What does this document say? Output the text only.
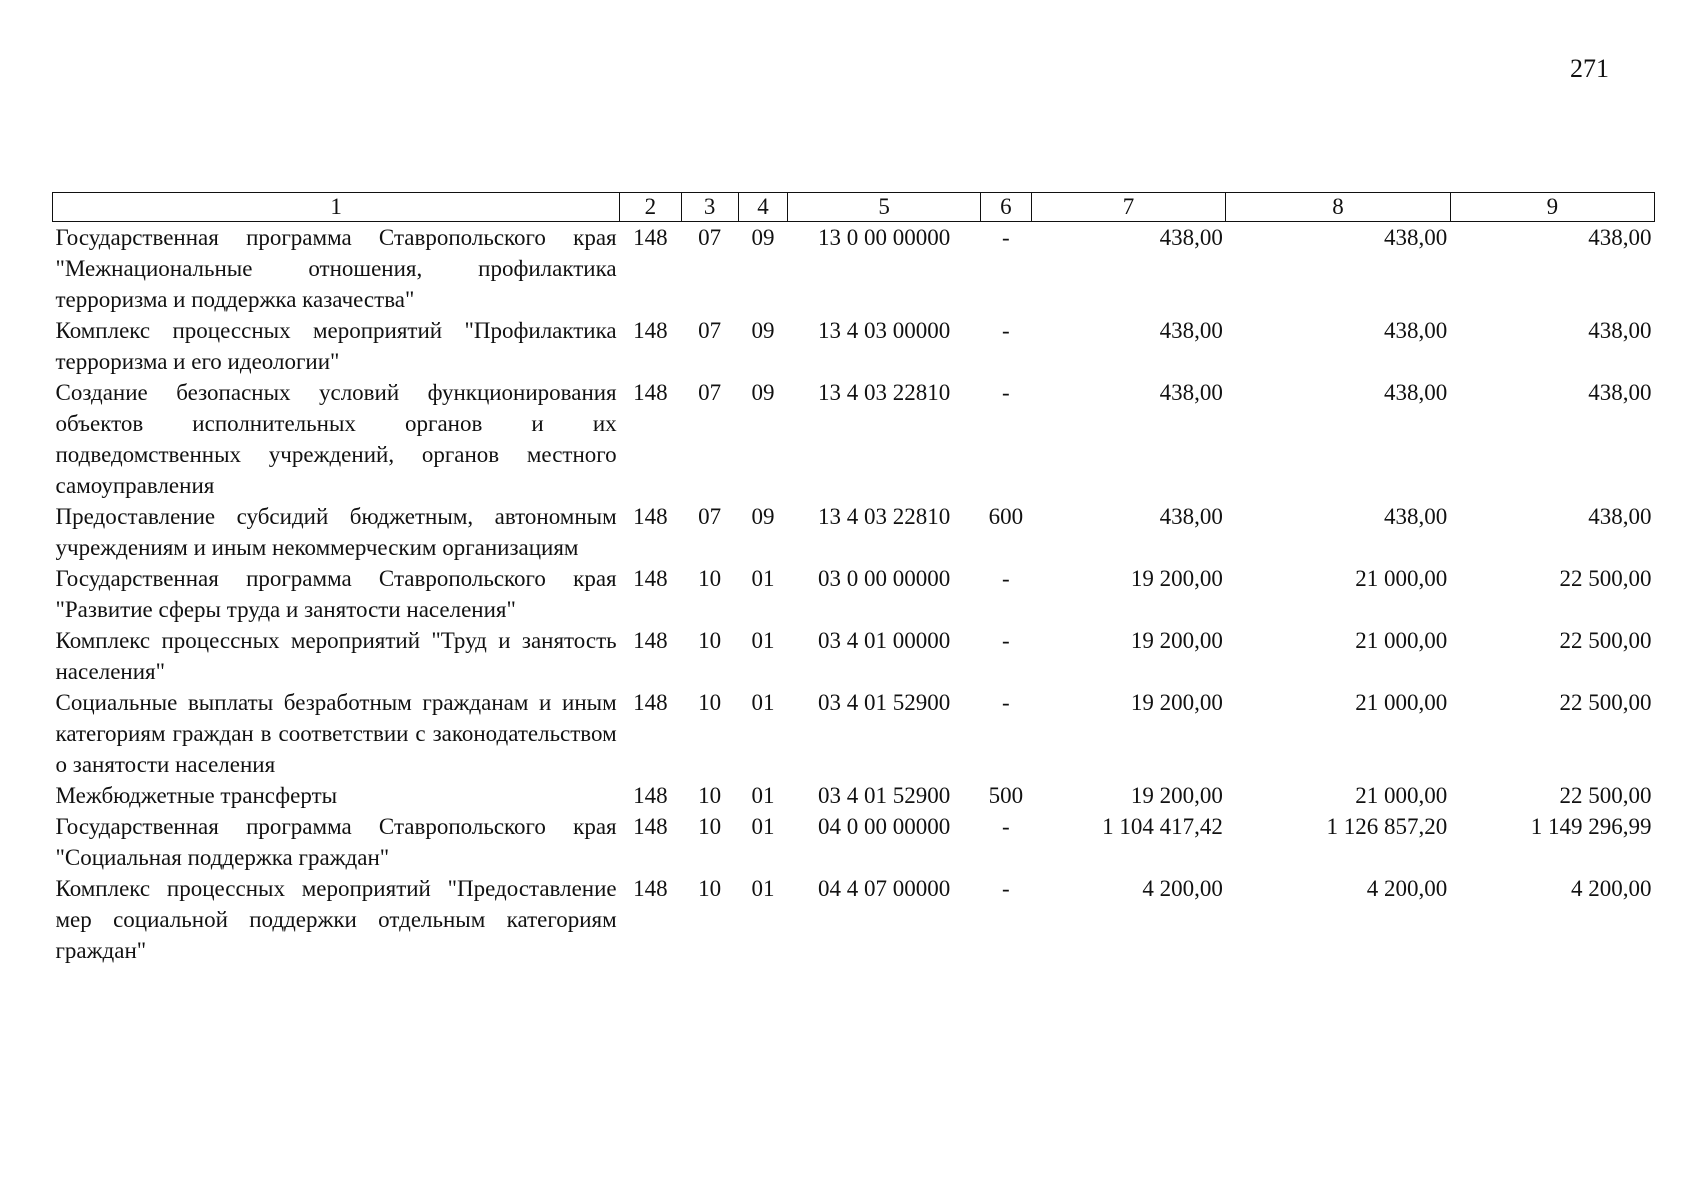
271
1	2	3	4	5	6	7	8	9
Государственная программа Ставропольского края "Межнациональные отношения, профилактика терроризма и поддержка казачества"	148	07	09	13 0 00 00000	-	438,00	438,00	438,00
Комплекс процессных мероприятий "Профилактика терроризма и его идеологии"	148	07	09	13 4 03 00000	-	438,00	438,00	438,00
Создание безопасных условий функционирования объектов исполнительных органов и их подведомственных учреждений, органов местного самоуправления	148	07	09	13 4 03 22810	-	438,00	438,00	438,00
Предоставление субсидий бюджетным, автономным учреждениям и иным некоммерческим организациям	148	07	09	13 4 03 22810	600	438,00	438,00	438,00
Государственная программа Ставропольского края "Развитие сферы труда и занятости населения"	148	10	01	03 0 00 00000	-	19 200,00	21 000,00	22 500,00
Комплекс процессных мероприятий "Труд и занятость населения"	148	10	01	03 4 01 00000	-	19 200,00	21 000,00	22 500,00
Социальные выплаты безработным гражданам и иным категориям граждан в соответствии с законодательством о занятости населения	148	10	01	03 4 01 52900	-	19 200,00	21 000,00	22 500,00
Межбюджетные трансферты	148	10	01	03 4 01 52900	500	19 200,00	21 000,00	22 500,00
Государственная программа Ставропольского края "Социальная поддержка граждан"	148	10	01	04 0 00 00000	-	1 104 417,42	1 126 857,20	1 149 296,99
Комплекс процессных мероприятий "Предоставление мер социальной поддержки отдельным категориям граждан"	148	10	01	04 4 07 00000	-	4 200,00	4 200,00	4 200,00
